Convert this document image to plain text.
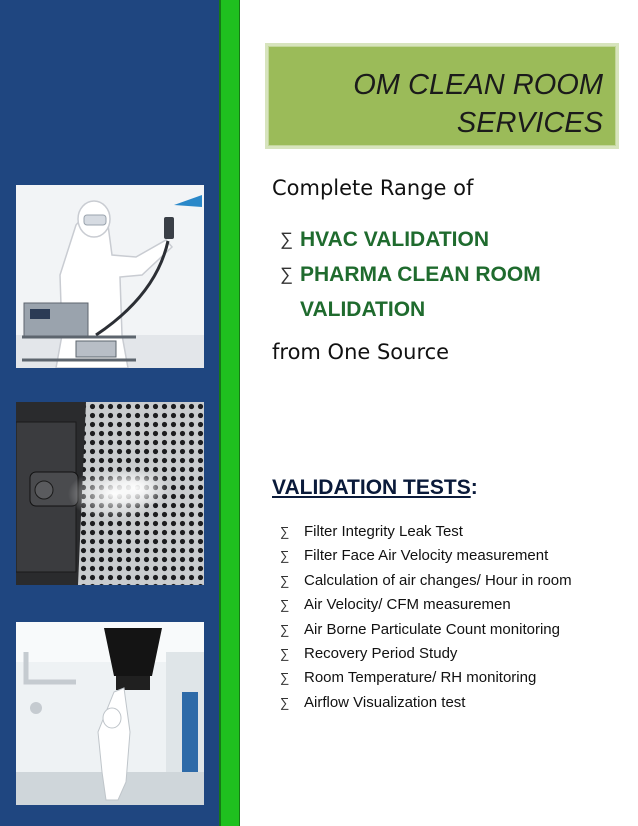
OM CLEAN ROOM
SERVICES
Complete Range of
∑ HVAC VALIDATION
∑ PHARMA CLEAN ROOM
VALIDATION
from One Source
VALIDATION TESTS:
∑ Filter Integrity Leak Test
∑ Filter Face Air Velocity measurement
∑ Calculation of air changes/ Hour in room
∑ Air Velocity/ CFM measuremen
∑ Air Borne Particulate Count monitoring
∑ Recovery Period Study
∑ Room Temperature/ RH monitoring
∑ Airflow Visualization test
